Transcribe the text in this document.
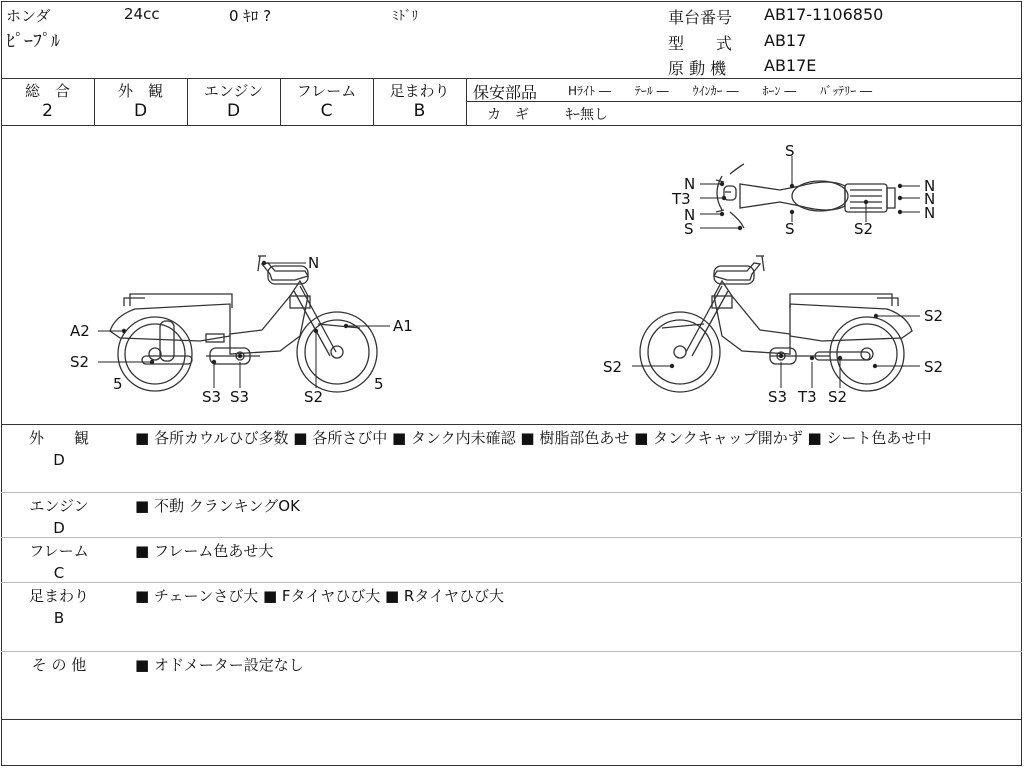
ホンダ	24cc	0 ｷﾛ ?	ﾐﾄﾞﾘ
ﾋﾟｰﾌﾟﾙ
車台番号 AB17-1106850
型　　式 AB17
原 動 機 AB17E
総　合
2
外　観
D
エンジン
D
フレーム
C
足まわり
B
保安部品	Hﾗｲﾄ ―　　ﾃｰﾙ ―　　ｳｲﾝｶｰ ―　　ﾎｰﾝ ―　　ﾊﾞｯﾃﾘｰ ―
カ　ギ	ｷｰ無し
N
A2	A1
S2
5
S3 S3	S2
5
S2
S2	S2
S3 T3 S2
S
N
T3
N
S	S	S2
N
N
N
外　　観
D
■ 各所カウルひび多数 ■ 各所さび中 ■ タンク内未確認 ■ 樹脂部色あせ ■ タンクキャップ開かず ■ シート色あせ中
エンジン
D
■ 不動 クランキングOK
フレーム
C
■ フレーム色あせ大
足まわり
B
■ チェーンさび大 ■ Fタイヤひび大 ■ Rタイヤひび大
そ の 他	■ オドメーター設定なし
